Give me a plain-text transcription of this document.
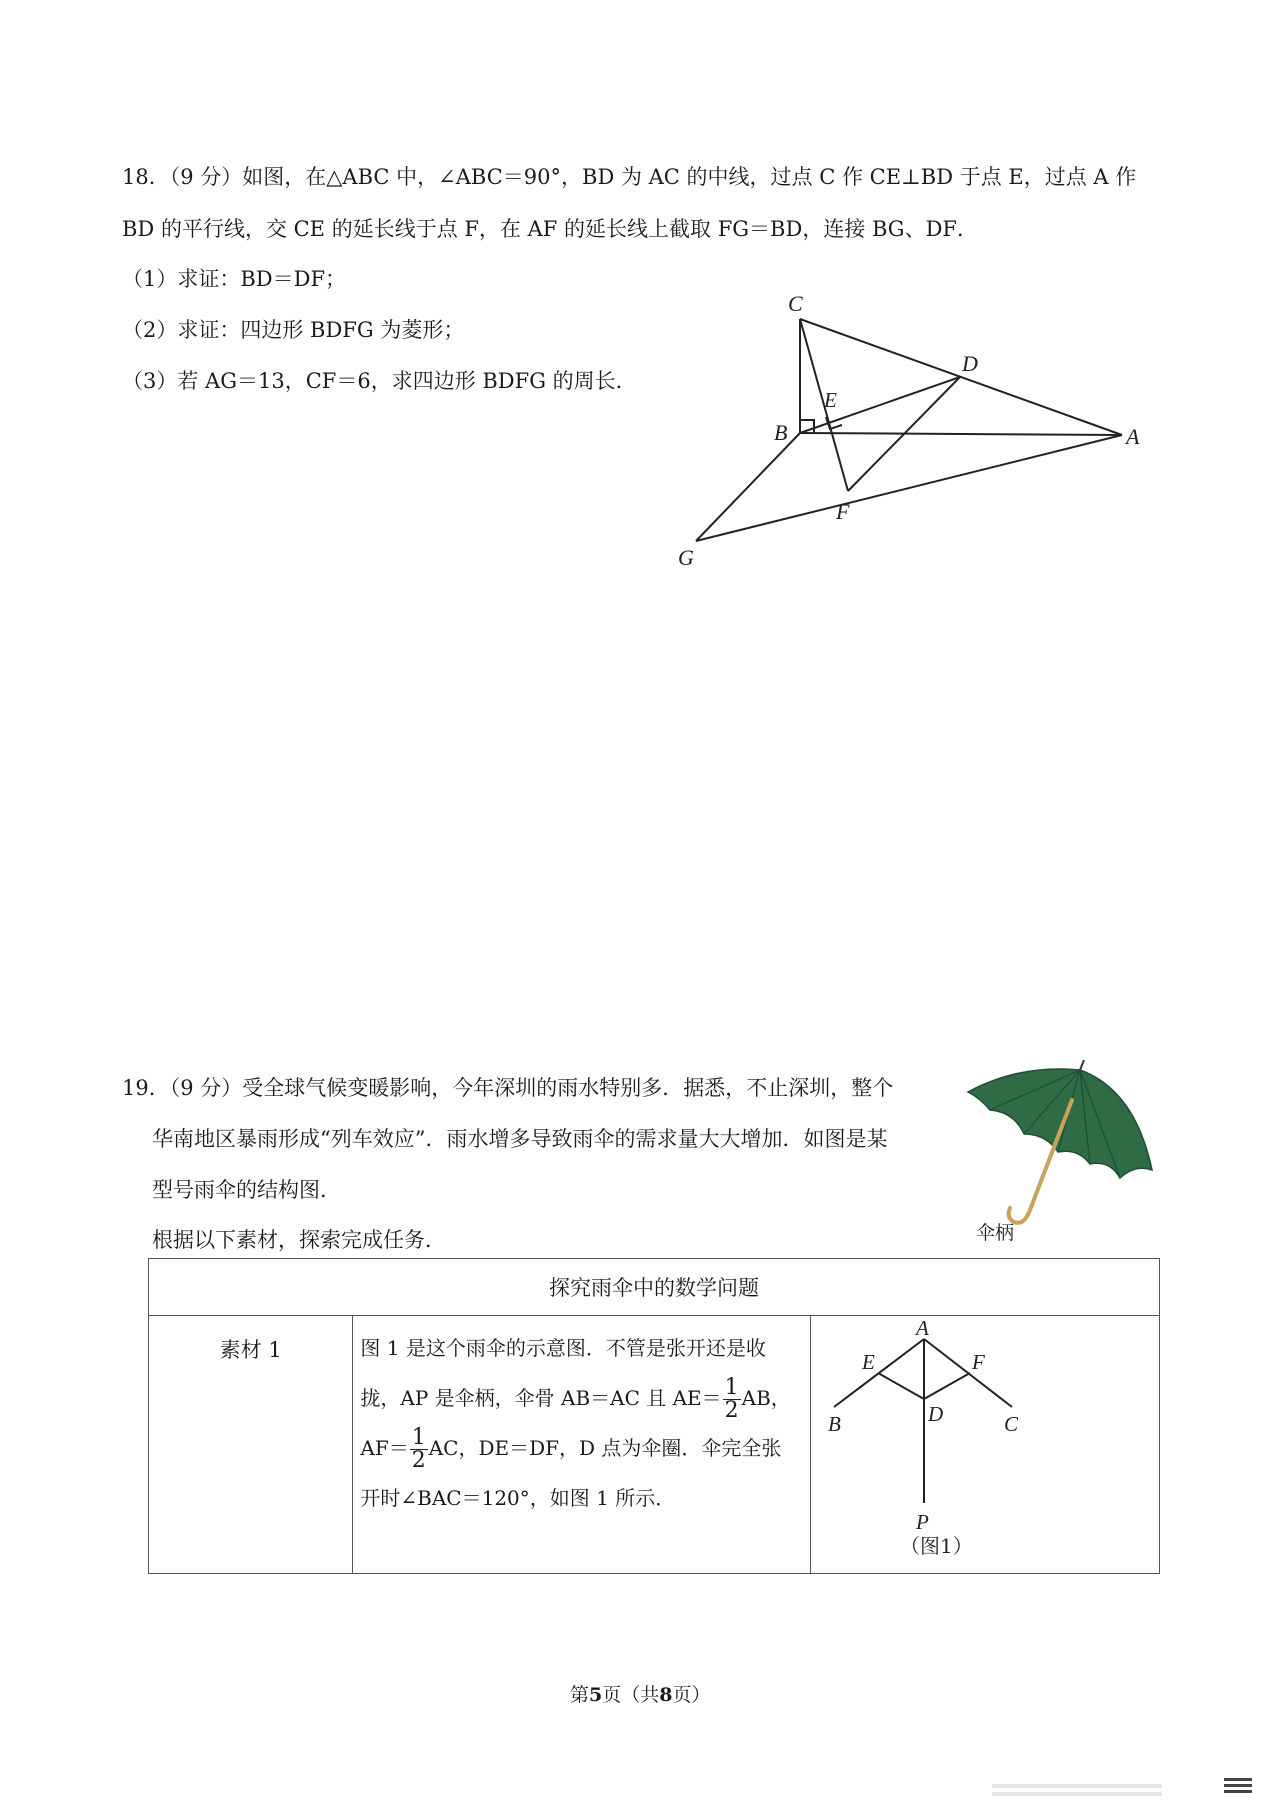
18．（9 分）如图，在△ABC 中，∠ABC＝90°，BD 为 AC 的中线，过点 C 作 CE⊥BD 于点 E，过点 A 作
BD 的平行线，交 CE 的延长线于点 F，在 AF 的延长线上截取 FG＝BD，连接 BG、DF．
（1）求证：BD＝DF；
（2）求证：四边形 BDFG 为菱形；
（3）若 AG＝13，CF＝6，求四边形 BDFG 的周长．
C
D
E
B	A
F
G
19．（9 分）受全球气候变暖影响，今年深圳的雨水特别多．据悉，不止深圳，整个
华南地区暴雨形成“列车效应”．雨水增多导致雨伞的需求量大大增加．如图是某
型号雨伞的结构图．
根据以下素材，探索完成任务．	伞柄
探究雨伞中的数学问题
素材 1	图 1 是这个雨伞的示意图．不管是张开还是收
拢，AP 是伞柄，伞骨 AB＝AC 且 $AE= \frac{1}{2}$ AB，
$AF= \frac{1}{2}$ AC，DE＝DF，D 点为伞圈．伞完全张
开时∠BAC＝120°，如图 1 所示．

A
E	F
B	C
D
P
（图1）
第5页（共8页）
